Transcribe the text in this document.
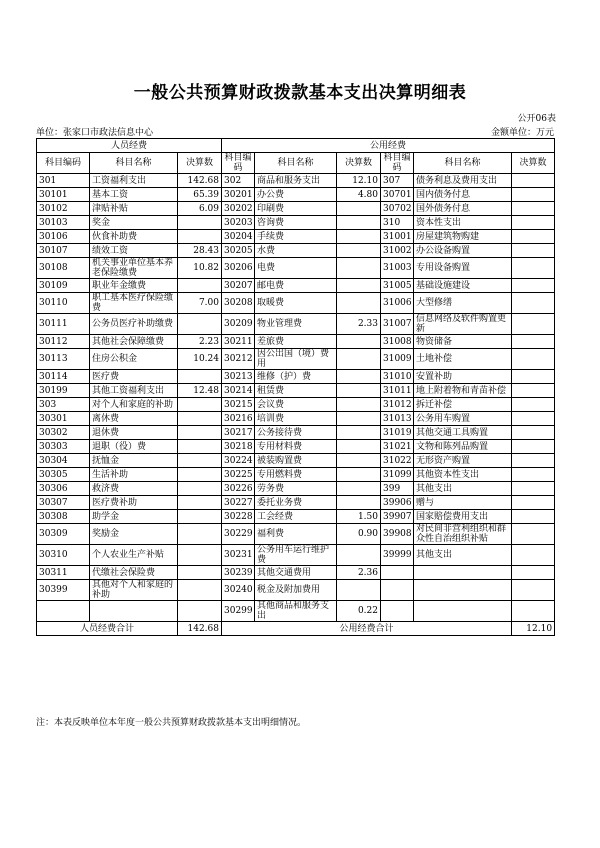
一般公共预算财政拨款基本支出决算明细表
公开06表
单位：张家口市政法信息中心	金额单位：万元
人员经费			公用经费					
科目编码	科目名称	决算数	科目编码	科目名称	决算数	科目编码	科目名称	决算数
301	工资福利支出	142.68	302	商品和服务支出	12.10	307	债务利息及费用支出	
30101	基本工资	65.39	30201	办公费	4.80	30701	国内债务付息	
30102	津贴补贴	6.09	30202	印刷费		30702	国外债务付息	
30103	奖金		30203	咨询费		310	资本性支出	
30106	伙食补助费		30204	手续费		31001	房屋建筑物购建	
30107	绩效工资	28.43	30205	水费		31002	办公设备购置	
30108	机关事业单位基本养老保险缴费	10.82	30206	电费		31003	专用设备购置	
30109	职业年金缴费		30207	邮电费		31005	基础设施建设	
30110	职工基本医疗保险缴费	7.00	30208	取暖费		31006	大型修缮	
30111	公务员医疗补助缴费		30209	物业管理费	2.33	31007	信息网络及软件购置更新	
30112	其他社会保障缴费	2.23	30211	差旅费		31008	物资储备	
30113	住房公积金	10.24	30212	因公出国（境）费用		31009	土地补偿	
30114	医疗费		30213	维修（护）费		31010	安置补助	
30199	其他工资福利支出	12.48	30214	租赁费		31011	地上附着物和青苗补偿	
303	对个人和家庭的补助		30215	会议费		31012	拆迁补偿	
30301	离休费		30216	培训费		31013	公务用车购置	
30302	退休费		30217	公务接待费		31019	其他交通工具购置	
30303	退职（役）费		30218	专用材料费		31021	文物和陈列品购置	
30304	抚恤金		30224	被装购置费		31022	无形资产购置	
30305	生活补助		30225	专用燃料费		31099	其他资本性支出	
30306	救济费		30226	劳务费		399	其他支出	
30307	医疗费补助		30227	委托业务费		39906	赠与	
30308	助学金		30228	工会经费	1.50	39907	国家赔偿费用支出	
30309	奖励金		30229	福利费	0.90	39908	对民间非营利组织和群众性自治组织补贴	
30310	个人农业生产补贴		30231	公务用车运行维护费		39999	其他支出	
30311	代缴社会保险费		30239	其他交通费用	2.36			
30399	其他对个人和家庭的补助		30240	税金及附加费用				
			30299	其他商品和服务支出	0.22			
人员经费合计		142.68	公用经费合计					12.10
注：本表反映单位本年度一般公共预算财政拨款基本支出明细情况。
